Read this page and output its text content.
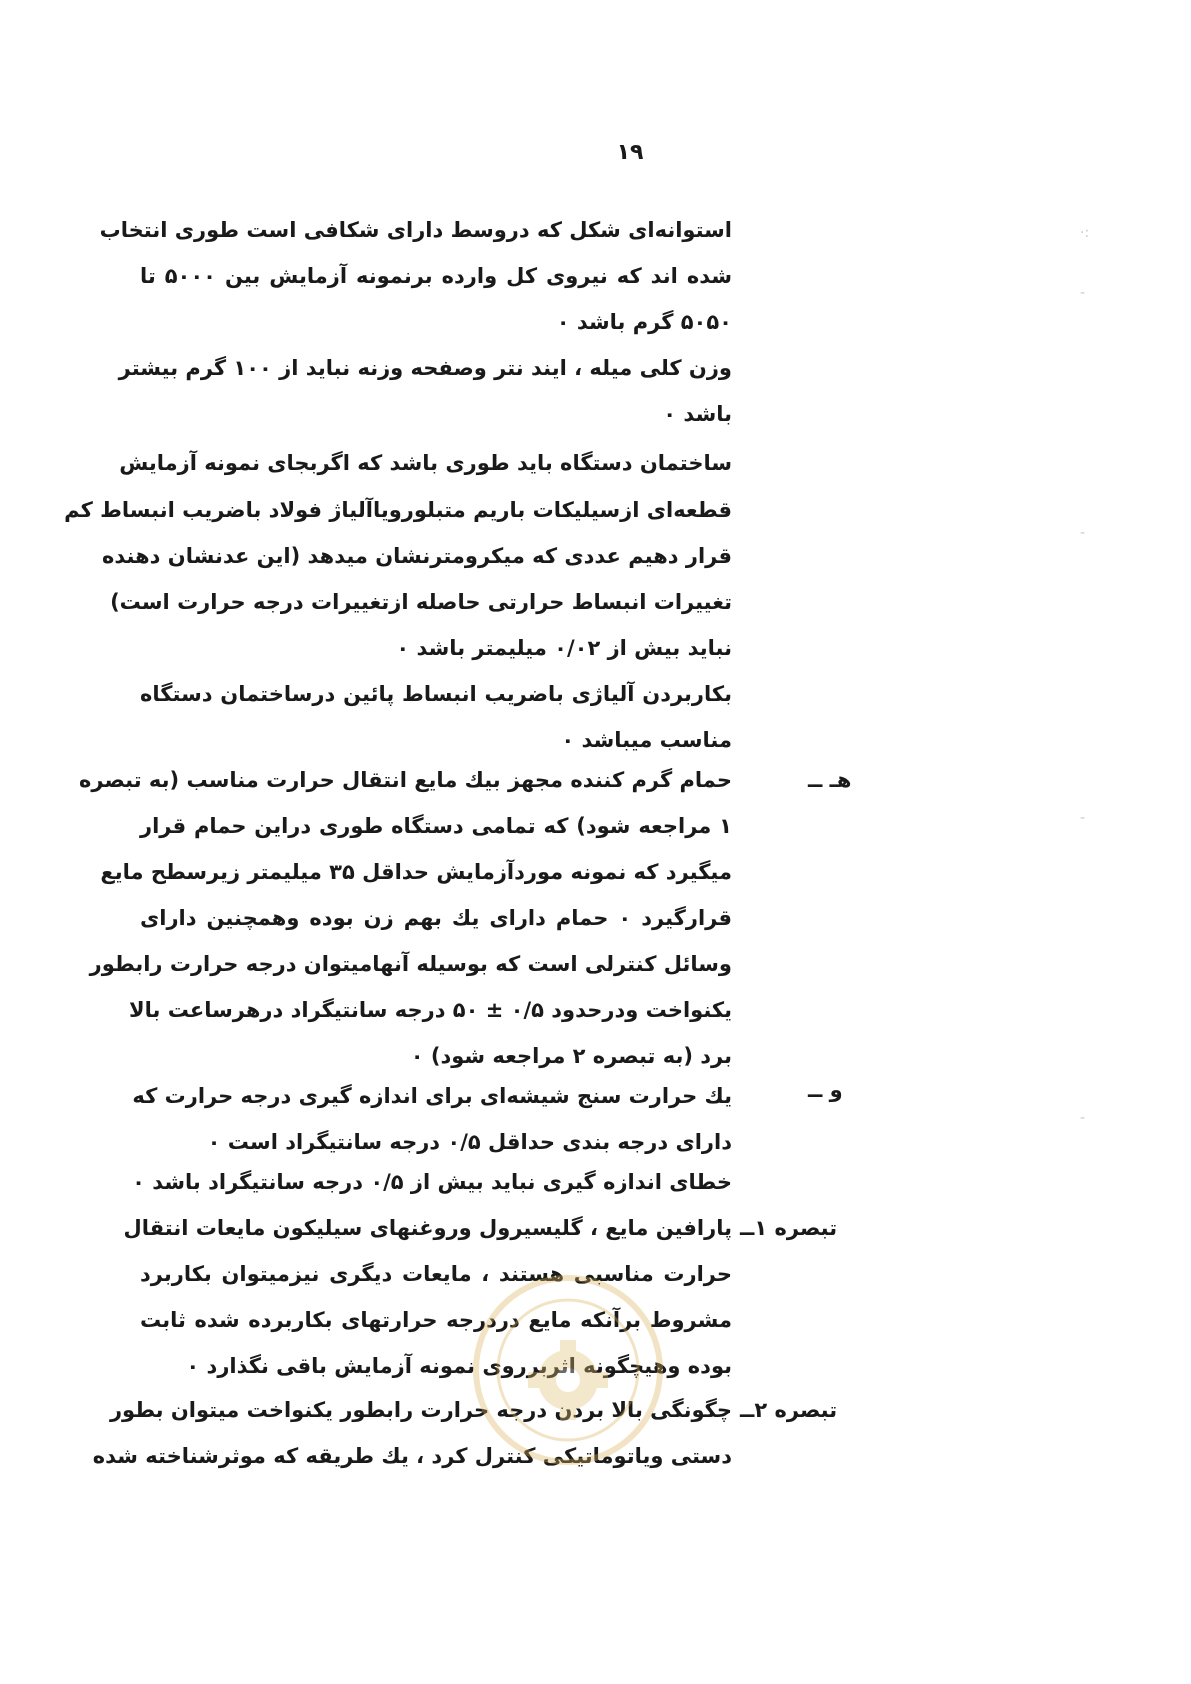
۱۹
استوانه‌ای شکل که درو‌سط دارای شکافی است طوری انتخاب
شده اند که نیروی کل وارده برنمونه آزمایش بین ۵۰۰۰ تا
۵۰۵۰ گرم باشد ۰
وزن کلی میله ، ایند نتر وصفحه وزنه نباید از ۱۰۰ گرم بیشتر
باشد ۰
ساختمان دستگاه باید طوری باشد که اگربجای نمونه آزمایش
قطعه‌ای ازسیلیکات باریم متبلورویاآلیاژ فولاد باضریب انبساط کم
قرار دهیم عددی که میکرومترنشان میدهد (این عدنشان دهنده
تغییرات انبساط حرارتی حاصله ازتغییرات درجه حرارت است)
نباید بیش از ۰/۰۲ میلیمتر باشد ۰
بکاربردن آلیاژی باضریب انبساط پائین درساختمان دستگاه
مناسب میباشد ۰
حمام گرم کننده مجهز بیك مایع انتقال حرارت مناسب (به تبصره
۱ مراجعه شود) که تمامی دستگاه طوری دراین حمام قرار
میگیرد که نمونه موردآزمایش حداقل ۳۵ میلیمتر زیرسطح مایع
قرارگیرد ۰ حمام دارای یك بهم زن بوده وهمچنین دارای
وسائل کنترلی است که بوسیله آنهامیتوان درجه حرارت رابطور
یکنواخت ودرحدود ۰/۵ ± ۵۰ درجه سانتیگراد درهرساعت بالا
برد (به تبصره ۲ مراجعه شود) ۰
یك حرارت سنج شیشه‌ای برای اندازه گیری درجه حرارت که
دارای درجه بندی حداقل ۰/۵ درجه سانتیگراد است ۰
خطای اندازه گیری نباید بیش از ۰/۵ درجه سانتیگراد باشد ۰
پارافین مایع ، گلیسیرول وروغنهای سیلیکون مایعات انتقال
حرارت مناسبی هستند ، مایعات دیگری نیزمیتوان بکاربرد
مشروط برآنکه مایع دردرجه حرارتهای بکاربرده شده ثابت
بوده وهیچگونه اثربرروی نمونه آزمایش باقی نگذارد ۰
چگونگی بالا بردن درجه حرارت رابطور یکنواخت میتوان بطور
دستی وياتوماتيكى كنترل كرد ، يك طريقه كه موثرشناخته شده
هـ ــ
و ــ
تبصره ۱ــ
تبصره ۲ــ
·:
-
-
-
-
